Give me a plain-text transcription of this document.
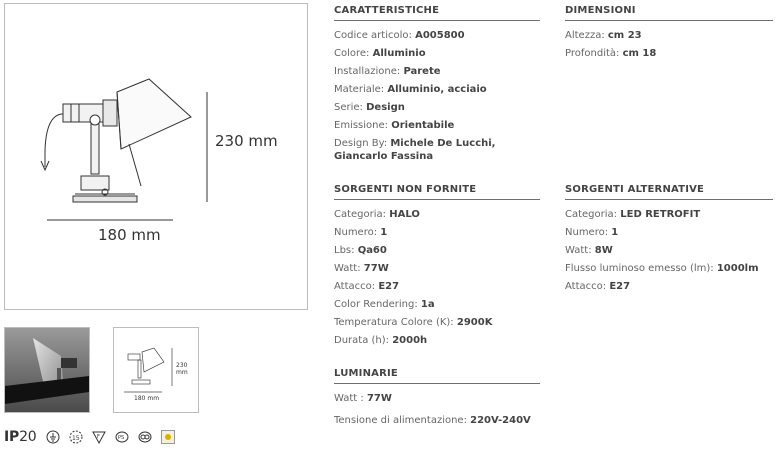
230 mm
180 mm
230 mm
180 mm
IP20	15	F	PS
CARATTERISTICHE
Codice articolo: A005800
Colore: Alluminio
Installazione: Parete
Materiale: Alluminio, acciaio
Serie: Design
Emissione: Orientabile
Design By: Michele De Lucchi, Giancarlo Fassina
DIMENSIONI
Altezza: cm 23
Profondità: cm 18
SORGENTI NON FORNITE
Categoria: HALO
Numero: 1
Lbs: Qa60
Watt: 77W
Attacco: E27
Color Rendering: 1a
Temperatura Colore (K): 2900K
Durata (h): 2000h
SORGENTI ALTERNATIVE
Categoria: LED RETROFIT
Numero: 1
Watt: 8W
Flusso luminoso emesso (lm): 1000lm
Attacco: E27
LUMINARIE
Watt : 77W
Tensione di alimentazione: 220V-240V
